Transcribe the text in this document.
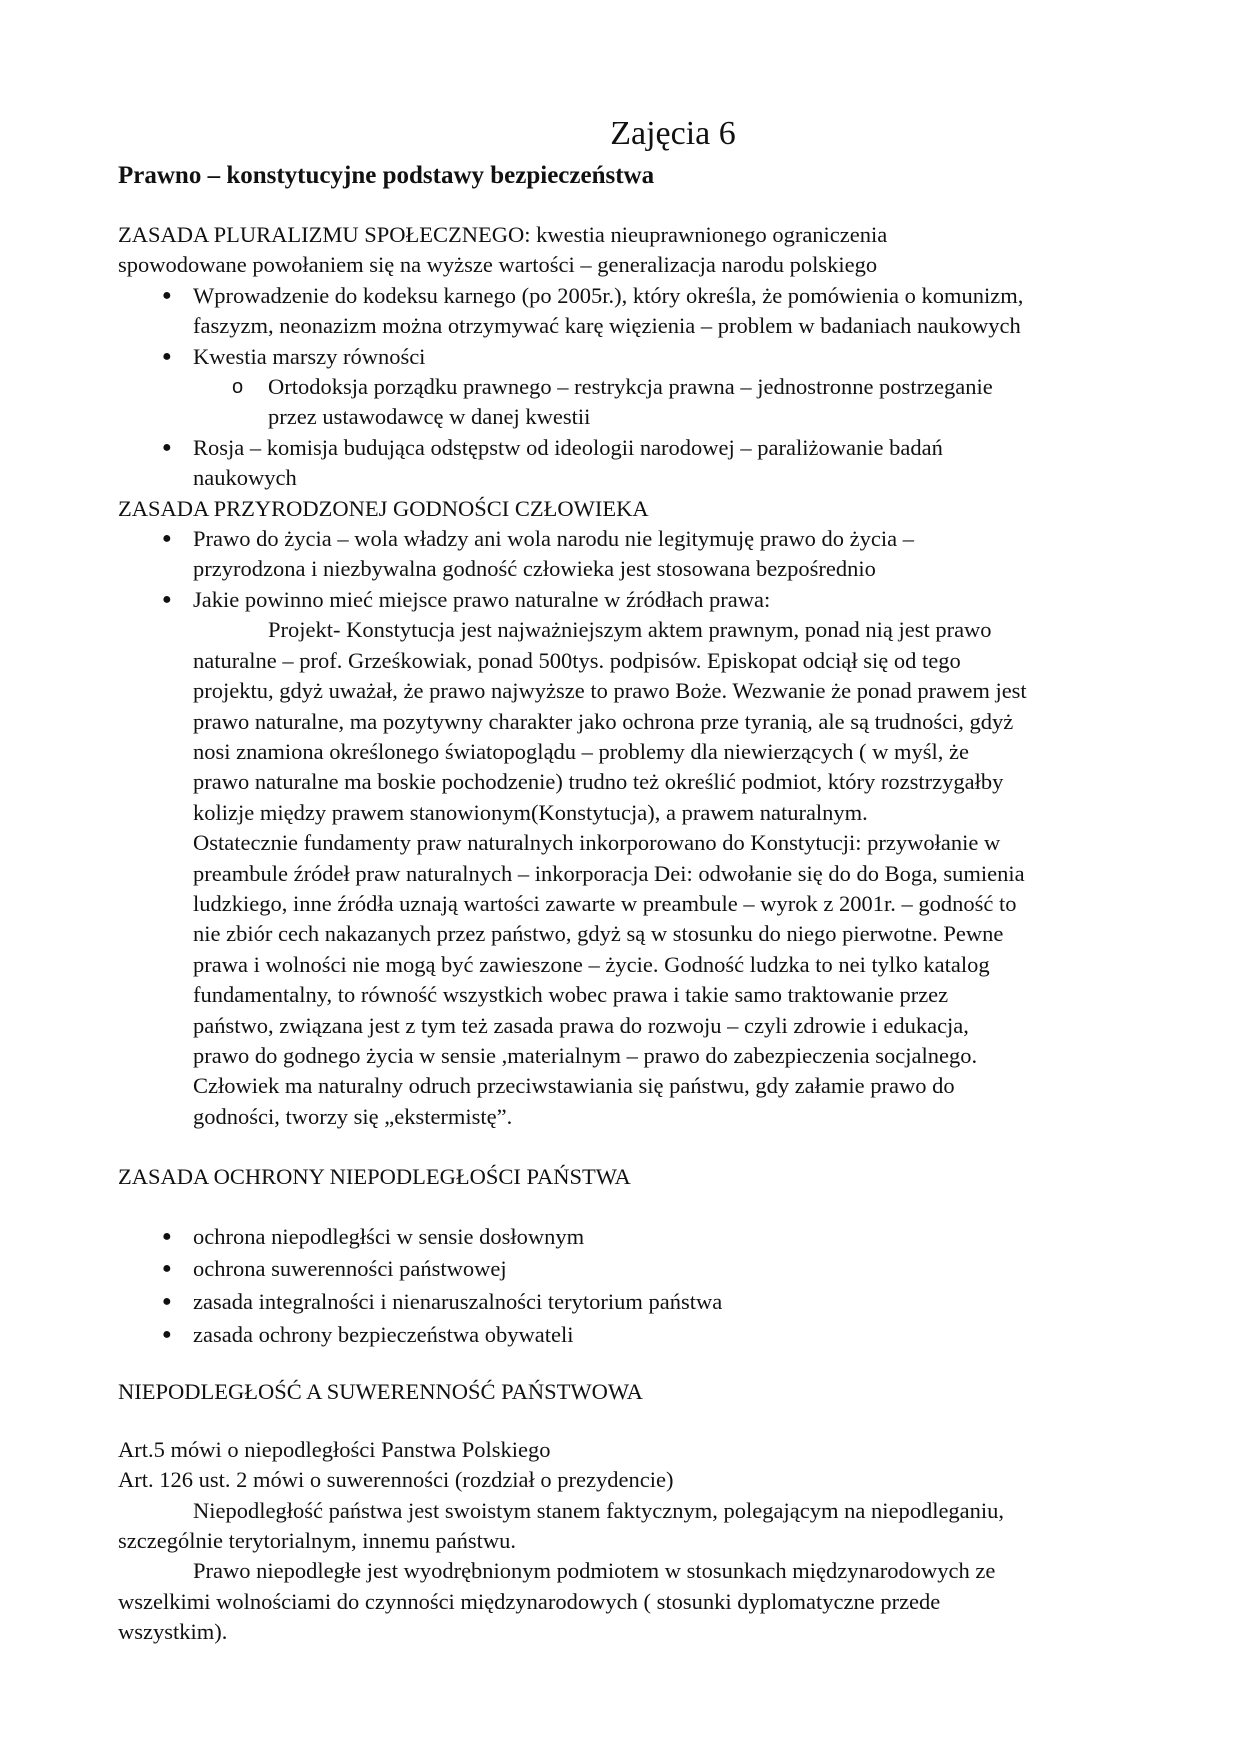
Zajęcia 6
Prawno – konstytucyjne podstawy bezpieczeństwa
ZASADA PLURALIZMU SPOŁECZNEGO: kwestia nieuprawnionego ograniczenia
spowodowane powołaniem się na wyższe wartości – generalizacja narodu polskiego
● Wprowadzenie do kodeksu karnego (po 2005r.), który określa, że pomówienia o komunizm,
faszyzm, neonazizm można otrzymywać karę więzienia – problem w badaniach naukowych
● Kwestia marszy równości
o Ortodoksja porządku prawnego – restrykcja prawna – jednostronne postrzeganie
przez ustawodawcę w danej kwestii
● Rosja – komisja budująca odstępstw od ideologii narodowej – paraliżowanie badań
naukowych
ZASADA PRZYRODZONEJ GODNOŚCI CZŁOWIEKA
● Prawo do życia – wola władzy ani wola narodu nie legitymuję prawo do życia –
przyrodzona i niezbywalna godność człowieka jest stosowana bezpośrednio
● Jakie powinno mieć miejsce prawo naturalne w źródłach prawa:
Projekt- Konstytucja jest najważniejszym aktem prawnym, ponad nią jest prawo
naturalne – prof. Grześkowiak, ponad 500tys. podpisów. Episkopat odciął się od tego
projektu, gdyż uważał, że prawo najwyższe to prawo Boże. Wezwanie że ponad prawem jest
prawo naturalne, ma pozytywny charakter jako ochrona prze tyranią, ale są trudności, gdyż
nosi znamiona określonego światopoglądu – problemy dla niewierzących ( w myśl, że
prawo naturalne ma boskie pochodzenie) trudno też określić podmiot, który rozstrzygałby
kolizje między prawem stanowionym(Konstytucja), a prawem naturalnym.
Ostatecznie fundamenty praw naturalnych inkorporowano do Konstytucji: przywołanie w
preambule źródeł praw naturalnych – inkorporacja Dei: odwołanie się do do Boga, sumienia
ludzkiego, inne źródła uznają wartości zawarte w preambule – wyrok z 2001r. – godność to
nie zbiór cech nakazanych przez państwo, gdyż są w stosunku do niego pierwotne. Pewne
prawa i wolności nie mogą być zawieszone – życie. Godność ludzka to nei tylko katalog
fundamentalny, to równość wszystkich wobec prawa i takie samo traktowanie przez
państwo, związana jest z tym też zasada prawa do rozwoju – czyli zdrowie i edukacja,
prawo do godnego życia w sensie ,materialnym – prawo do zabezpieczenia socjalnego.
Człowiek ma naturalny odruch przeciwstawiania się państwu, gdy załamie prawo do
godności, tworzy się „ekstermistę”.
ZASADA OCHRONY NIEPODLEGŁOŚCI PAŃSTWA
● ochrona niepodległści w sensie dosłownym
● ochrona suwerenności państwowej
● zasada integralności i nienaruszalności terytorium państwa
● zasada ochrony bezpieczeństwa obywateli
NIEPODLEGŁOŚĆ A SUWERENNOŚĆ PAŃSTWOWA
Art.5 mówi o niepodległości Panstwa Polskiego
Art. 126 ust. 2 mówi o suwerenności (rozdział o prezydencie)
Niepodległość państwa jest swoistym stanem faktycznym, polegającym na niepodleganiu,
szczególnie terytorialnym, innemu państwu.
Prawo niepodległe jest wyodrębnionym podmiotem w stosunkach międzynarodowych ze
wszelkimi wolnościami do czynności międzynarodowych ( stosunki dyplomatyczne przede
wszystkim).
